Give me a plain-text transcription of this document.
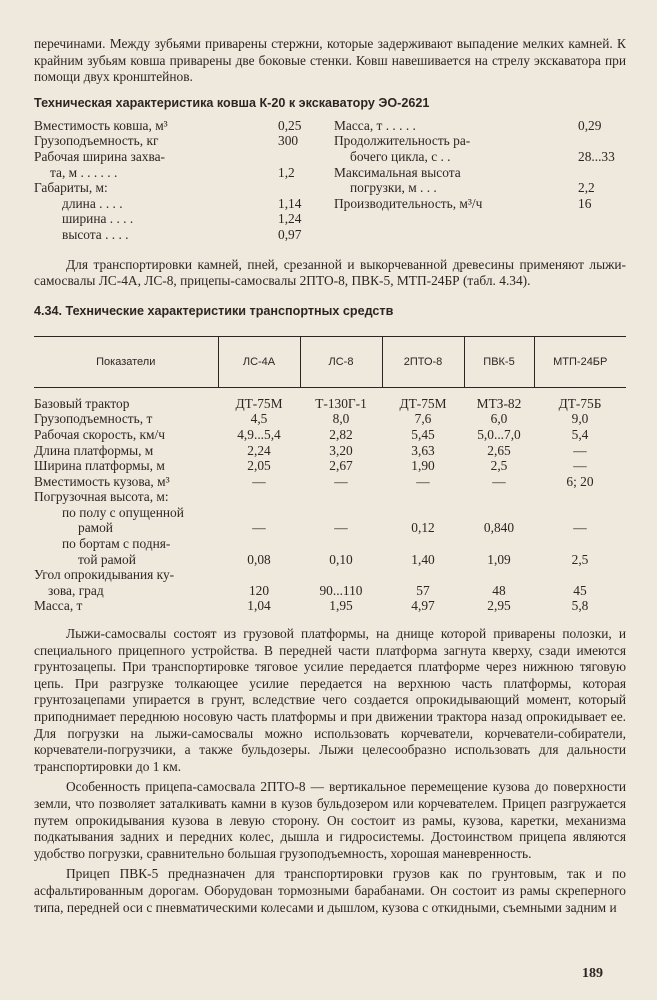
перечинами. Между зубьями приварены стержни, которые задерживают выпадение мелких камней. К крайним зубьям ковша приварены две боковые стенки. Ковш навешивается на стрелу экскаватора при помощи двух кронштейнов.

Техническая характеристика ковша К-20 к экскаватору ЭО-2621

Вместимость ковша, м³	0,25
Грузоподъемность, кг	300
Рабочая ширина захва-
та, м . . . . . .	1,2
Габариты, м:
длина . . . .	1,14
ширина . . . .	1,24
высота . . . .	0,97
Масса, т . . . . .	0,29
Продолжительность ра-
бочего цикла, с . .	28...33
Максимальная высота
погрузки, м . . .	2,2
Производительность, м³/ч	16

Для транспортировки камней, пней, срезанной и выкорчеванной древесины применяют лыжи-самосвалы ЛС-4А, ЛС-8, прицепы-самосвалы 2ПТО-8, ПВК-5, МТП-24БР (табл. 4.34).

4.34. Технические характеристики транспортных средств

Показатели	ЛС-4А	ЛС-8	2ПТО-8	ПВК-5	МТП-24БР
Базовый трактор	ДТ-75М	Т-130Г-1	ДТ-75М	МТЗ-82	ДТ-75Б
Грузоподъемность, т	4,5	8,0	7,6	6,0	9,0
Рабочая скорость, км/ч	4,9...5,4	2,82	5,45	5,0...7,0	5,4
Длина платформы, м	2,24	3,20	3,63	2,65	—
Ширина платформы, м	2,05	2,67	1,90	2,5	—
Вместимость кузова, м³	—	—	—	—	6; 20
Погрузочная высота, м:					
по полу с опущенной					
рамой	—	—	0,12	0,840	—
по бортам с подня-					
той рамой	0,08	0,10	1,40	1,09	2,5
Угол опрокидывания ку-					
зова, град	120	90...110	57	48	45
Масса, т	1,04	1,95	4,97	2,95	5,8

Лыжи-самосвалы состоят из грузовой платформы, на днище которой приварены полозки, и специального прицепного устройства. В передней части платформа загнута кверху, сзади имеются грунтозацепы. При транспортировке тяговое усилие передается платформе через нижнюю тяговую цепь. При разгрузке толкающее усилие передается на верхнюю часть платформы, которая грунтозацепами упирается в грунт, вследствие чего создается опрокидывающий момент, который приподнимает переднюю носовую часть платформы и при движении трактора назад опрокидывает ее. Для погрузки на лыжи-самосвалы можно использовать корчеватели, корчеватели-собиратели, корчеватели-погрузчики, а также бульдозеры. Лыжи целесообразно использовать для дальности транспортировки до 1 км.

Особенность прицепа-самосвала 2ПТО-8 — вертикальное перемещение кузова до поверхности земли, что позволяет заталкивать камни в кузов бульдозером или корчевателем. Прицеп разгружается путем опрокидывания кузова в левую сторону. Он состоит из рамы, кузова, каретки, механизма подкатывания задних и передних колес, дышла и гидросистемы. Достоинством прицепа являются удобство погрузки, сравнительно большая грузоподъемность, хорошая маневренность.

Прицеп ПВК-5 предназначен для транспортировки грузов как по грунтовым, так и по асфальтированным дорогам. Оборудован тормозными барабанами. Он состоит из рамы скреперного типа, передней оси с пневматическими колесами и дышлом, кузова с откидными, съемными задним и

189
